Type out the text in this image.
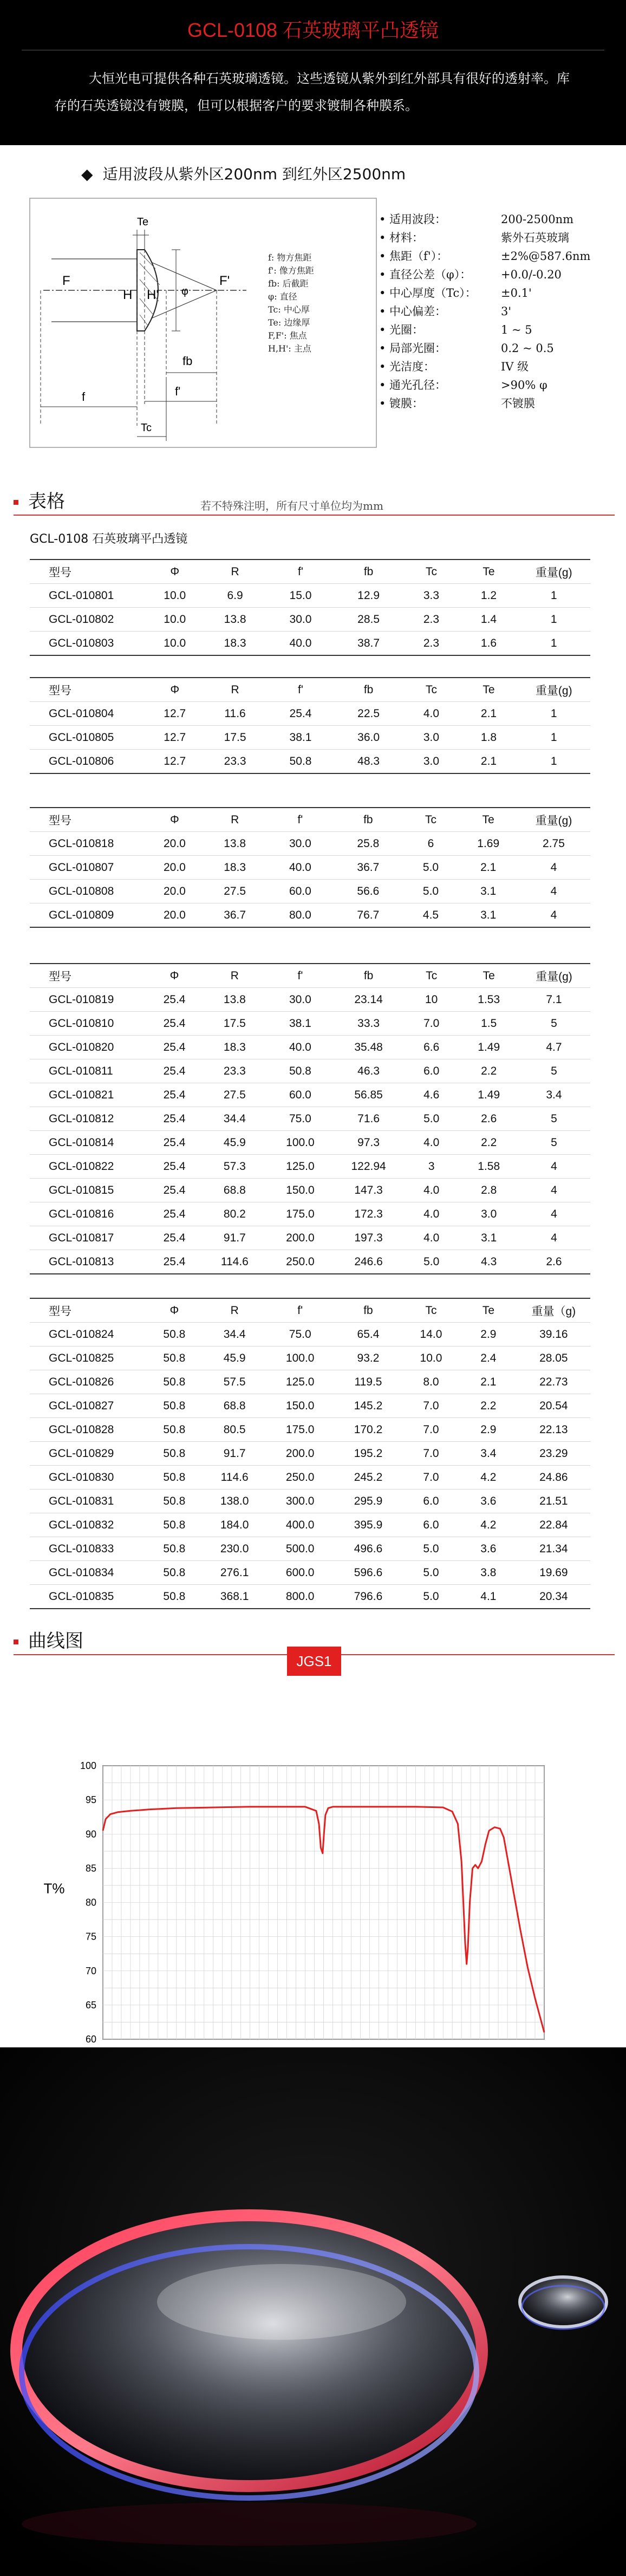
GCL-0108 石英玻璃平凸透镜
大恒光电可提供各种石英玻璃透镜。这些透镜从紫外到红外部具有很好的透射率。库存的石英透镜没有镀膜，但可以根据客户的要求镀制各种膜系。
◆ 适用波段从紫外区200nm 到红外区2500nm
Te
φ
F
H H'
F'
fb
f	f'
Tc
f: 物方焦距
f': 像方焦距
fb: 后截距
φ: 直径
Tc: 中心厚
Te: 边缘厚
F,F': 焦点
H,H': 主点
• 适用波段：	200-2500nm
• 材料：	紫外石英玻璃
• 焦距（f'）：	±2%@587.6nm
• 直径公差（φ）：	+0.0/-0.20
• 中心厚度（Tc）： ±0.1'
• 中心偏差：	3'
• 光圈：	1 ~ 5
• 局部光圈：	0.2 ~ 0.5
• 光洁度：	IV 级
• 通光孔径：	>90% φ
• 镀膜：	不镀膜
表格	若不特殊注明，所有尺寸单位均为mm
GCL-0108 石英玻璃平凸透镜
型号	Φ	R	f'	fb	Tc	Te	重量(g)
GCL-010801	10.0	6.9	15.0	12.9	3.3	1.2	1
GCL-010802	10.0	13.8	30.0	28.5	2.3	1.4	1
GCL-010803	10.0	18.3	40.0	38.7	2.3	1.6	1
型号	Φ	R	f'	fb	Tc	Te	重量(g)
GCL-010804	12.7	11.6	25.4	22.5	4.0	2.1	1
GCL-010805	12.7	17.5	38.1	36.0	3.0	1.8	1
GCL-010806	12.7	23.3	50.8	48.3	3.0	2.1	1
型号	Φ	R	f'	fb	Tc	Te	重量(g)
GCL-010818	20.0	13.8	30.0	25.8	6	1.69	2.75
GCL-010807	20.0	18.3	40.0	36.7	5.0	2.1	4
GCL-010808	20.0	27.5	60.0	56.6	5.0	3.1	4
GCL-010809	20.0	36.7	80.0	76.7	4.5	3.1	4
型号	Φ	R	f'	fb	Tc	Te	重量(g)
GCL-010819	25.4	13.8	30.0	23.14	10	1.53	7.1
GCL-010810	25.4	17.5	38.1	33.3	7.0	1.5	5
GCL-010820	25.4	18.3	40.0	35.48	6.6	1.49	4.7
GCL-010811	25.4	23.3	50.8	46.3	6.0	2.2	5
GCL-010821	25.4	27.5	60.0	56.85	4.6	1.49	3.4
GCL-010812	25.4	34.4	75.0	71.6	5.0	2.6	5
GCL-010814	25.4	45.9	100.0	97.3	4.0	2.2	5
GCL-010822	25.4	57.3	125.0	122.94	3	1.58	4
GCL-010815	25.4	68.8	150.0	147.3	4.0	2.8	4
GCL-010816	25.4	80.2	175.0	172.3	4.0	3.0	4
GCL-010817	25.4	91.7	200.0	197.3	4.0	3.1	4
GCL-010813	25.4	114.6	250.0	246.6	5.0	4.3	2.6
型号	Φ	R	f'	fb	Tc	Te	重量（g)
GCL-010824	50.8	34.4	75.0	65.4	14.0	2.9	39.16
GCL-010825	50.8	45.9	100.0	93.2	10.0	2.4	28.05
GCL-010826	50.8	57.5	125.0	119.5	8.0	2.1	22.73
GCL-010827	50.8	68.8	150.0	145.2	7.0	2.2	20.54
GCL-010828	50.8	80.5	175.0	170.2	7.0	2.9	22.13
GCL-010829	50.8	91.7	200.0	195.2	7.0	3.4	23.29
GCL-010830	50.8	114.6	250.0	245.2	7.0	4.2	24.86
GCL-010831	50.8	138.0	300.0	295.9	6.0	3.6	21.51
GCL-010832	50.8	184.0	400.0	395.9	6.0	4.2	22.84
GCL-010833	50.8	230.0	500.0	496.6	5.0	3.6	21.34
GCL-010834	50.8	276.1	600.0	596.6	5.0	3.8	19.69
GCL-010835	50.8	368.1	800.0	796.6	5.0	4.1	20.34
曲线图
JGS1
60
65
70
75
80
85
90
95
100
T%
